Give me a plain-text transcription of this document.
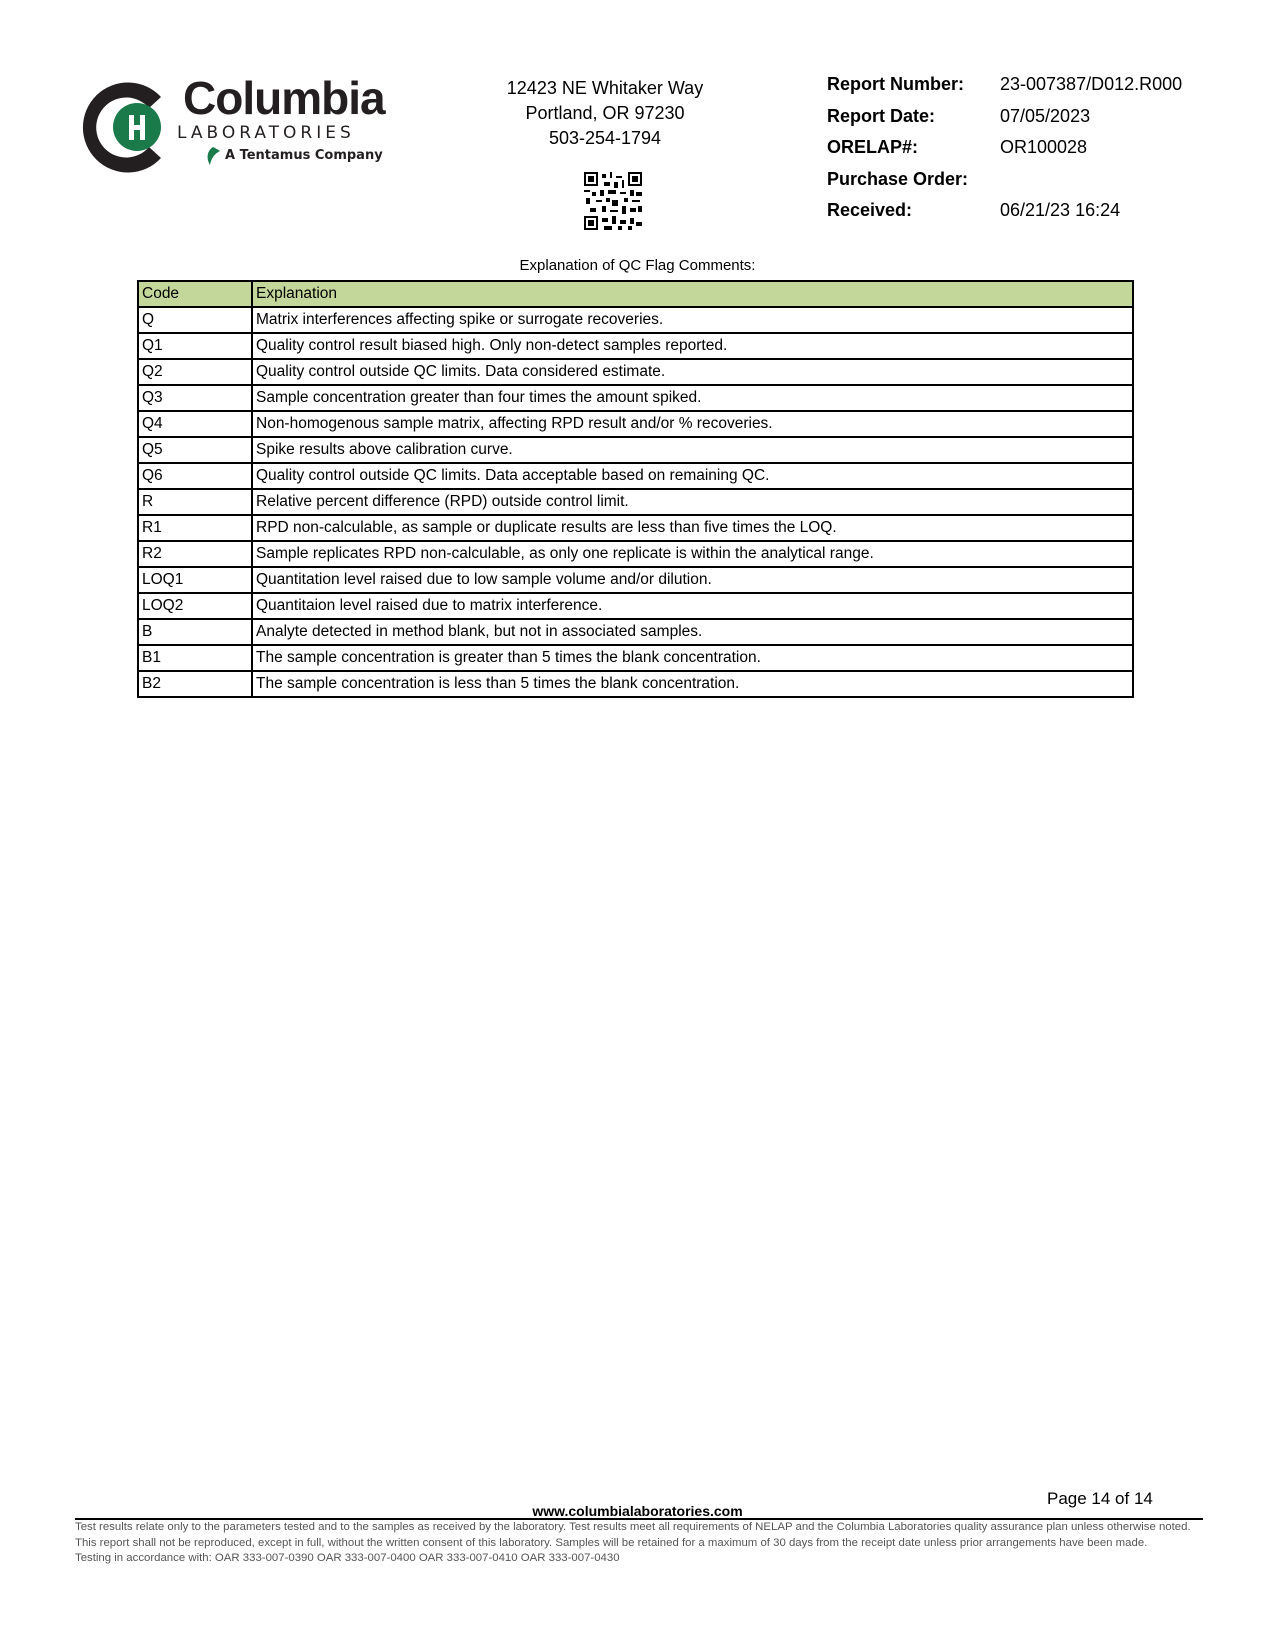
Columbia
LABORATORIES
A Tentamus Company
12423 NE Whitaker Way
Portland, OR 97230
503-254-1794
Report Number: 23-007387/D012.R000
Report Date:	07/05/2023
ORELAP#:	OR100028
Purchase Order:
Received:	06/21/23 16:24
Explanation of QC Flag Comments:
Code	Explanation
Q	Matrix interferences affecting spike or surrogate recoveries.
Q1	Quality control result biased high. Only non-detect samples reported.
Q2	Quality control outside QC limits. Data considered estimate.
Q3	Sample concentration greater than four times the amount spiked.
Q4	Non-homogenous sample matrix, affecting RPD result and/or % recoveries.
Q5	Spike results above calibration curve.
Q6	Quality control outside QC limits. Data acceptable based on remaining QC.
R	Relative percent difference (RPD) outside control limit.
R1	RPD non-calculable, as sample or duplicate results are less than five times the LOQ.
R2	Sample replicates RPD non-calculable, as only one replicate is within the analytical range.
LOQ1	Quantitation level raised due to low sample volume and/or dilution.
LOQ2	Quantitaion level raised due to matrix interference.
B	Analyte detected in method blank, but not in associated samples.
B1	The sample concentration is greater than 5 times the blank concentration.
B2	The sample concentration is less than 5 times the blank concentration.
Page 14 of 14
www.columbialaboratories.com

Test results relate only to the parameters tested and to the samples as received by the laboratory. Test results meet all requirements of NELAP and the Columbia Laboratories quality assurance plan unless otherwise noted. This report shall not be reproduced, except in full, without the written consent of this laboratory. Samples will be retained for a maximum of 30 days from the receipt date unless prior arrangements have been made.

Testing in accordance with: OAR 333-007-0390 OAR 333-007-0400 OAR 333-007-0410 OAR 333-007-0430
